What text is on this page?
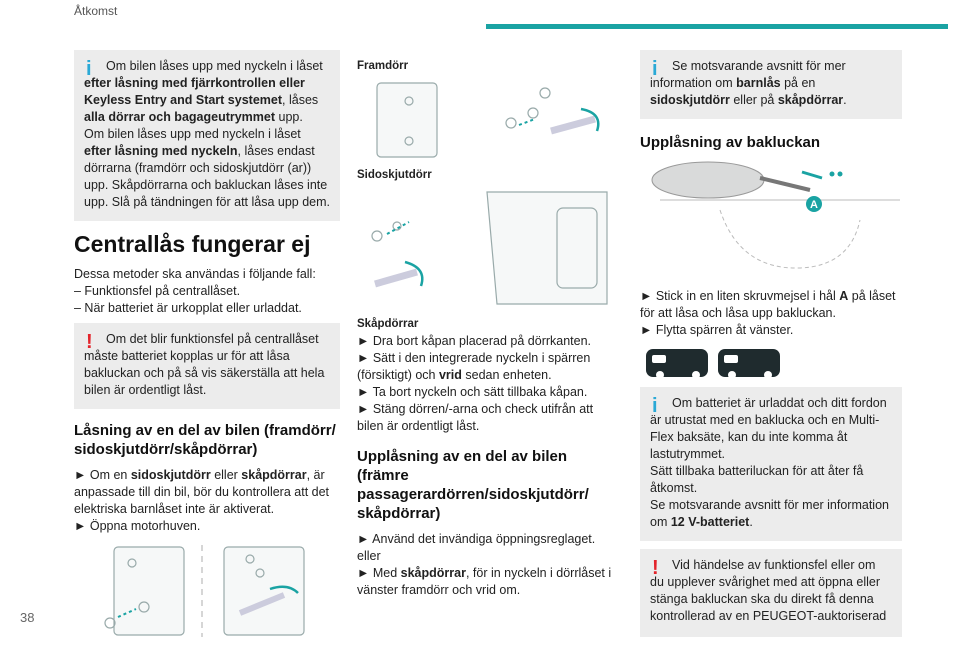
Åtkomst
38
i	Om bilen låses upp med nyckeln i låset
efter låsning med fjärrkontrollen eller Keyless Entry and Start systemet, låses alla dörrar och bagageutrymmet upp.
Om bilen låses upp med nyckeln i låset
efter låsning med nyckeln, låses endast dörrarna (framdörr och sidoskjutdörr (ar)) upp. Skåpdörrarna och bakluckan låses inte upp. Slå på tändningen för att låsa upp dem.

Centrallås fungerar ej

Dessa metoder ska användas i följande fall:

– Funktionsfel på centrallåset.

– När batteriet är urkopplat eller urladdat.

!	Om det blir funktionsfel på centrallåset måste batteriet kopplas ur för att låsa bakluckan och på så vis säkerställa att hela bilen är ordentligt låst.

Låsning av en del av bilen (framdörr/ sidoskjutdörr/skåpdörrar)

► Om en sidoskjutdörr eller skåpdörrar, är anpassade till din bil, bör du kontrollera att det elektriska barnlåset inte är aktiverat.

► Öppna motorhuven.

Framdörr

Sidoskjutdörr

Skåpdörrar

► Dra bort kåpan placerad på dörrkanten.

► Sätt i den integrerade nyckeln i spärren (försiktigt) och vrid sedan enheten.

► Ta bort nyckeln och sätt tillbaka kåpan.

► Stäng dörren/-arna och check utifrån att bilen är ordentligt låst.

Upplåsning av en del av bilen (främre passagerardörren/sidoskjutdörr/ skåpdörrar)

► Använd det invändiga öppningsreglaget.

eller

► Med skåpdörrar, för in nyckeln i dörrlåset i vänster framdörr och vrid om.

i	Se motsvarande avsnitt för mer information om barnlås på en sidoskjutdörr eller på skåpdörrar.

Upplåsning av bakluckan
A

► Stick in en liten skruvmejsel i hål A på låset för att låsa och låsa upp bakluckan.

► Flytta spärren åt vänster.

i	Om batteriet är urladdat och ditt fordon är utrustat med en baklucka och en Multi-Flex baksäte, kan du inte komma åt lastutrymmet.

Sätt tillbaka batteriluckan för att åter få åtkomst.

Se motsvarande avsnitt för mer information om 12 V-batteriet.

!	Vid händelse av funktionsfel eller om du upplever svårighet med att öppna eller stänga bakluckan ska du direkt få denna kontrollerad av en PEUGEOT-auktoriserad
